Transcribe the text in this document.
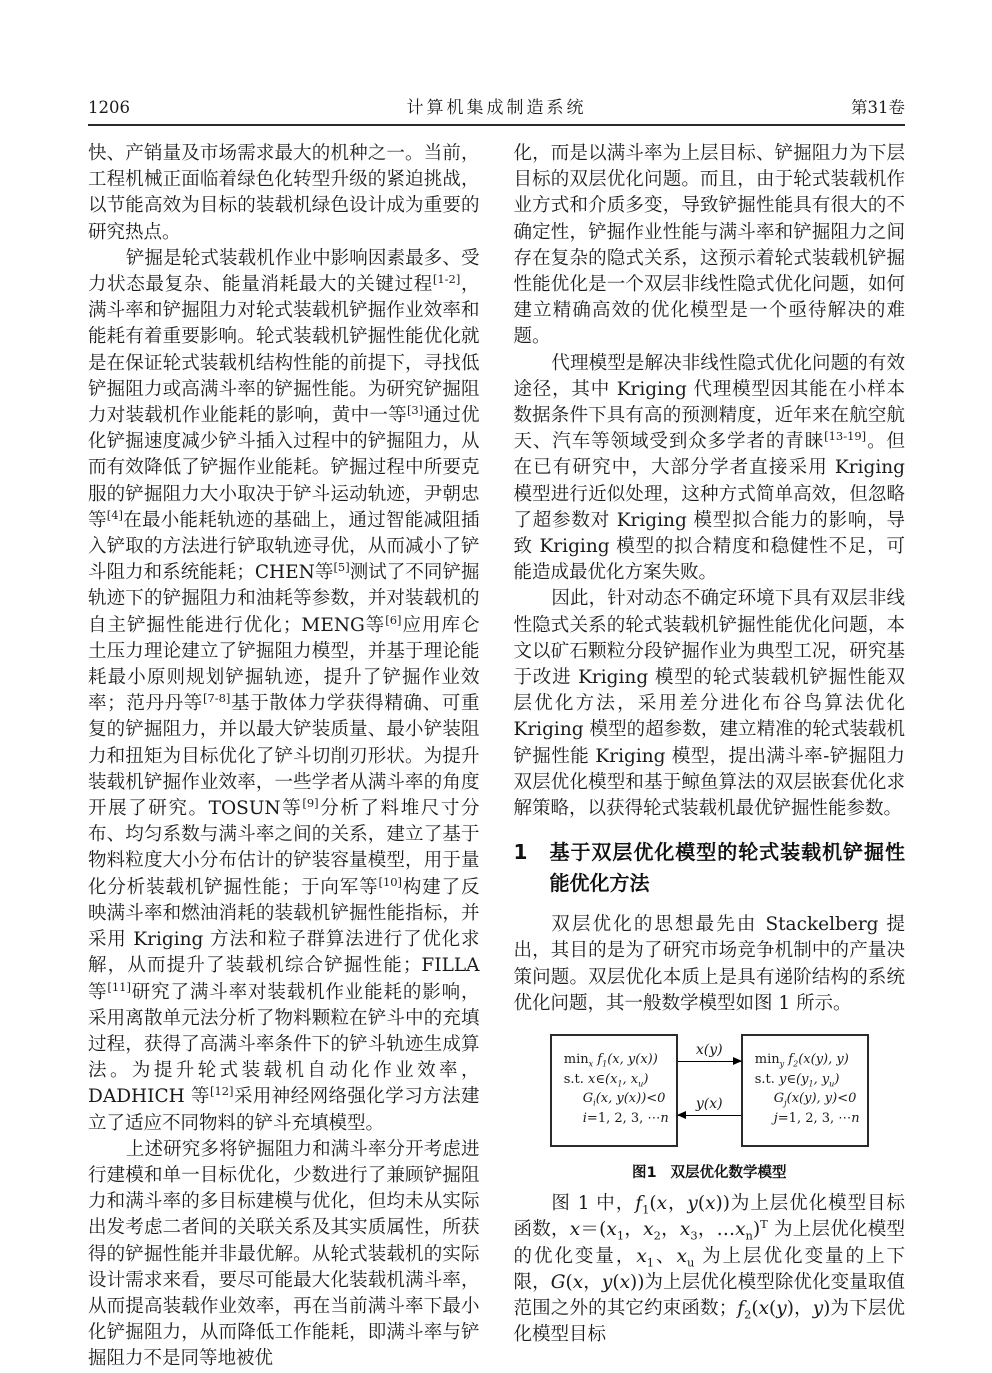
1206	计算机集成制造系统	第31卷

快、产销量及市场需求最大的机种之一。当前，工程机械正面临着绿色化转型升级的紧迫挑战，以节能高效为目标的装载机绿色设计成为重要的研究热点。

铲掘是轮式装载机作业中影响因素最多、受力状态最复杂、能量消耗最大的关键过程[1-2]，满斗率和铲掘阻力对轮式装载机铲掘作业效率和能耗有着重要影响。轮式装载机铲掘性能优化就是在保证轮式装载机结构性能的前提下，寻找低铲掘阻力或高满斗率的铲掘性能。为研究铲掘阻力对装载机作业能耗的影响，黄中一等[3]通过优化铲掘速度减少铲斗插入过程中的铲掘阻力，从而有效降低了铲掘作业能耗。铲掘过程中所要克服的铲掘阻力大小取决于铲斗运动轨迹，尹朝忠等[4]在最小能耗轨迹的基础上，通过智能减阻插入铲取的方法进行铲取轨迹寻优，从而减小了铲斗阻力和系统能耗；CHEN等[5]测试了不同铲掘轨迹下的铲掘阻力和油耗等参数，并对装载机的自主铲掘性能进行优化；MENG等[6]应用库仑土压力理论建立了铲掘阻力模型，并基于理论能耗最小原则规划铲掘轨迹，提升了铲掘作业效率；范丹丹等[7-8]基于散体力学获得精确、可重复的铲掘阻力，并以最大铲装质量、最小铲装阻力和扭矩为目标优化了铲斗切削刃形状。为提升装载机铲掘作业效率，一些学者从满斗率的角度开展了研究。TOSUN等[9]分析了料堆尺寸分布、均匀系数与满斗率之间的关系，建立了基于物料粒度大小分布估计的铲装容量模型，用于量化分析装载机铲掘性能；于向军等[10]构建了反映满斗率和燃油消耗的装载机铲掘性能指标，并采用 Kriging 方法和粒子群算法进行了优化求解，从而提升了装载机综合铲掘性能；FILLA 等[11]研究了满斗率对装载机作业能耗的影响，采用离散单元法分析了物料颗粒在铲斗中的充填过程，获得了高满斗率条件下的铲斗轨迹生成算法。为提升轮式装载机自动化作业效率，DADHICH 等[12]采用神经网络强化学习方法建立了适应不同物料的铲斗充填模型。

上述研究多将铲掘阻力和满斗率分开考虑进行建模和单一目标优化，少数进行了兼顾铲掘阻力和满斗率的多目标建模与优化，但均未从实际出发考虑二者间的关联关系及其实质属性，所获得的铲掘性能并非最优解。从轮式装载机的实际设计需求来看，要尽可能最大化装载机满斗率，从而提高装载作业效率，再在当前满斗率下最小化铲掘阻力，从而降低工作能耗，即满斗率与铲掘阻力不是同等地被优

化，而是以满斗率为上层目标、铲掘阻力为下层目标的双层优化问题。而且，由于轮式装载机作业方式和介质多变，导致铲掘性能具有很大的不确定性，铲掘作业性能与满斗率和铲掘阻力之间存在复杂的隐式关系，这预示着轮式装载机铲掘性能优化是一个双层非线性隐式优化问题，如何建立精确高效的优化模型是一个亟待解决的难题。

代理模型是解决非线性隐式优化问题的有效途径，其中 Kriging 代理模型因其能在小样本数据条件下具有高的预测精度，近年来在航空航天、汽车等领域受到众多学者的青睐[13-19]。但在已有研究中，大部分学者直接采用 Kriging 模型进行近似处理，这种方式简单高效，但忽略了超参数对 Kriging 模型拟合能力的影响，导致 Kriging 模型的拟合精度和稳健性不足，可能造成最优化方案失败。

因此，针对动态不确定环境下具有双层非线性隐式关系的轮式装载机铲掘性能优化问题，本文以矿石颗粒分段铲掘作业为典型工况，研究基于改进 Kriging 模型的轮式装载机铲掘性能双层优化方法，采用差分进化布谷鸟算法优化 Kriging 模型的超参数，建立精准的轮式装载机铲掘性能 Kriging 模型，提出满斗率-铲掘阻力双层优化模型和基于鲸鱼算法的双层嵌套优化求解策略，以获得轮式装载机最优铲掘性能参数。

1	基于双层优化模型的轮式装载机铲掘性能优化方法

双层优化的思想最先由 Stackelberg 提出，其目的是为了研究市场竞争机制中的产量决策问题。双层优化本质上是具有递阶结构的系统优化问题，其一般数学模型如图 1 所示。

$\min_x f_1(x$, y(x))
s.t. $x\in(x_1$, $x_u$)
$G_i(x$, y(x))<0
i=1, 2, 3, ⋯n
x(y)
y(x)
$\min_y f_2(x(y)$, y)
s.t. $y\in(y_1$, $y_u$)
$G_j(x(y)$, y)<0
j=1, 2, 3, ⋯n
图1 双层优化数学模型

图 1 中，$f_1(x$，y(x))为上层优化模型目标函数，$x=(x_1$，$x_2$，$x_3$，$\dots x_n)^T$ 为上层优化模型的优化变量，$x_1$、$x_u$ 为上层优化变量的上下限，G(x，y(x))为上层优化模型除优化变量取值范围之外的其它约束函数；$f_2(x(y)$，y)为下层优化模型目标
